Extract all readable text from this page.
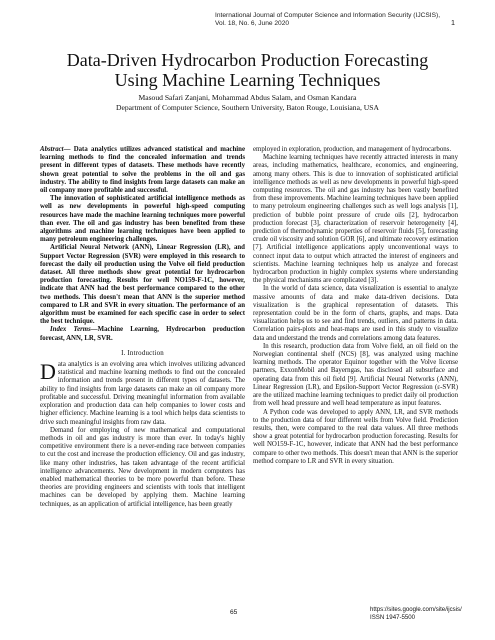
International Journal of Computer Science and Information Security (IJCSIS),
Vol. 18, No. 6, June 2020	1
Data-Driven Hydrocarbon Production Forecasting
Using Machine Learning Techniques
Masoud Safari Zanjani, Mohammad Abdus Salam, and Osman Kandara
Department of Computer Science, Southern University, Baton Rouge, Louisiana, USA

Abstract— Data analytics utilizes advanced statistical and machine learning methods to find the concealed information and trends present in different types of datasets. These methods have recently shown great potential to solve the problems in the oil and gas industry. The ability to find insights from large datasets can make an oil company more profitable and successful.

The innovation of sophisticated artificial intelligence methods as well as new developments in powerful high-speed computing resources have made the machine learning techniques more powerful than ever. The oil and gas industry has been benefited from these algorithms and machine learning techniques have been applied to many petroleum engineering challenges.

Artificial Neural Network (ANN), Linear Regression (LR), and Support Vector Regression (SVR) were employed in this research to forecast the daily oil production using the Volve oil field production dataset. All three methods show great potential for hydrocarbon production forecasting. Results for well NO159-F-1C, however, indicate that ANN had the best performance compared to the other two methods. This doesn't mean that ANN is the superior method compared to LR and SVR in every situation. The performance of an algorithm must be examined for each specific case in order to select the best technique.

Index Terms—Machine Learning, Hydrocarbon production forecast, ANN, LR, SVR.

I. Introduction

Data analytics is an evolving area which involves utilizing advanced statistical and machine learning methods to find out the concealed information and trends present in different types of datasets. The ability to find insights from large datasets can make an oil company more profitable and successful. Driving meaningful information from available exploration and production data can help companies to lower costs and higher efficiency. Machine learning is a tool which helps data scientists to drive such meaningful insights from raw data.

Demand for employing of new mathematical and computational methods in oil and gas industry is more than ever. In today's highly competitive environment there is a never-ending race between companies to cut the cost and increase the production efficiency. Oil and gas industry, like many other industries, has taken advantage of the recent artificial intelligence advancements. New development in modern computers has enabled mathematical theories to be more powerful than before. These theories are providing engineers and scientists with tools that intelligent machines can be developed by applying them. Machine learning techniques, as an application of artificial intelligence, has been greatly

employed in exploration, production, and management of hydrocarbons.

Machine learning techniques have recently attracted interests in many areas, including mathematics, healthcare, economics, and engineering, among many others. This is due to innovation of sophisticated artificial intelligence methods as well as new developments in powerful high-speed computing resources. The oil and gas industry has been vastly benefited from these improvements. Machine learning techniques have been applied to many petroleum engineering challenges such as well logs analysis [1], prediction of bubble point pressure of crude oils [2], hydrocarbon production forecast [3], characterization of reservoir heterogeneity [4], prediction of thermodynamic properties of reservoir fluids [5], forecasting crude oil viscosity and solution GOR [6], and ultimate recovery estimation [7]. Artificial intelligence applications apply unconventional ways to connect input data to output which attracted the interest of engineers and scientists. Machine learning techniques help us analyze and forecast hydrocarbon production in highly complex systems where understanding the physical mechanisms are complicated [3].

In the world of data science, data visualization is essential to analyze massive amounts of data and make data-driven decisions. Data visualization is the graphical representation of datasets. This representation could be in the form of charts, graphs, and maps. Data visualization helps us to see and find trends, outliers, and patterns in data. Correlation pairs-plots and heat-maps are used in this study to visualize data and understand the trends and correlations among data features.

In this research, production data from Volve field, an oil field on the Norwegian continental shelf (NCS) [8], was analyzed using machine learning methods. The operator Equinor together with the Volve license partners, ExxonMobil and Bayerngas, has disclosed all subsurface and operating data from this oil field [9]. Artificial Neural Networks (ANN), Linear Regression (LR), and Epsilon-Support Vector Regression (ε-SVR) are the utilized machine learning techniques to predict daily oil production from well head pressure and well head temperature as input features.

A Python code was developed to apply ANN, LR, and SVR methods to the production data of four different wells from Volve field. Prediction results, then, were compared to the real data values. All three methods show a great potential for hydrocarbon production forecasting. Results for well NO159-F-1C, however, indicate that ANN had the best performance compare to other two methods. This doesn't mean that ANN is the superior method compare to LR and SVR in every situation.

65	https://sites.google.com/site/ijcsis/
ISSN 1947-5500
